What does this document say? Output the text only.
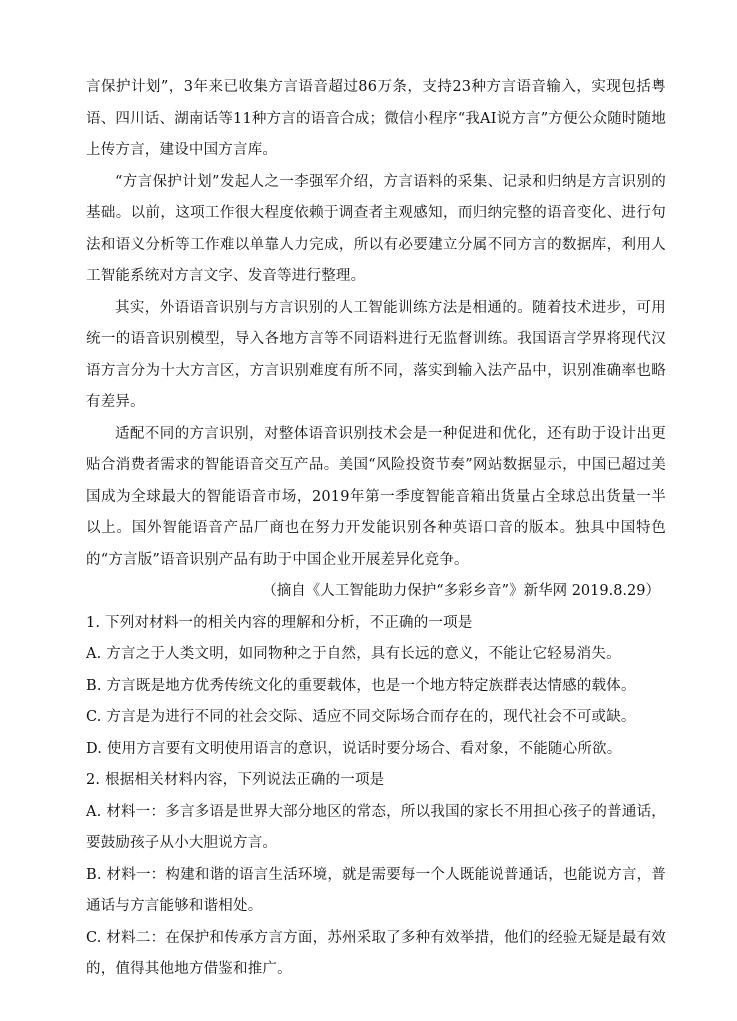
言保护计划”，3年来已收集方言语音超过86万条，支持23种方言语音输入，实现包括粤语、四川话、湖南话等11种方言的语音合成；微信小程序“我AI说方言”方便公众随时随地上传方言，建设中国方言库。

“方言保护计划”发起人之一李强军介绍，方言语料的采集、记录和归纳是方言识别的基础。以前，这项工作很大程度依赖于调查者主观感知，而归纳完整的语音变化、进行句法和语义分析等工作难以单靠人力完成，所以有必要建立分属不同方言的数据库，利用人工智能系统对方言文字、发音等进行整理。

其实，外语语音识别与方言识别的人工智能训练方法是相通的。随着技术进步，可用统一的语音识别模型，导入各地方言等不同语料进行无监督训练。我国语言学界将现代汉语方言分为十大方言区，方言识别难度有所不同，落实到输入法产品中，识别准确率也略有差异。

适配不同的方言识别，对整体语音识别技术会是一种促进和优化，还有助于设计出更贴合消费者需求的智能语音交互产品。美国“风险投资节奏”网站数据显示，中国已超过美国成为全球最大的智能语音市场，2019年第一季度智能音箱出货量占全球总出货量一半以上。国外智能语音产品厂商也在努力开发能识别各种英语口音的版本。独具中国特色的“方言版”语音识别产品有助于中国企业开展差异化竞争。

（摘自《人工智能助力保护“多彩乡音”》新华网 2019.8.29）

1. 下列对材料一的相关内容的理解和分析，不正确的一项是

A. 方言之于人类文明，如同物种之于自然，具有长远的意义，不能让它轻易消失。

B. 方言既是地方优秀传统文化的重要载体，也是一个地方特定族群表达情感的载体。

C. 方言是为进行不同的社会交际、适应不同交际场合而存在的，现代社会不可或缺。

D. 使用方言要有文明使用语言的意识，说话时要分场合、看对象，不能随心所欲。

2. 根据相关材料内容，下列说法正确的一项是

A. 材料一：多言多语是世界大部分地区的常态，所以我国的家长不用担心孩子的普通话，要鼓励孩子从小大胆说方言。

B. 材料一：构建和谐的语言生活环境，就是需要每一个人既能说普通话，也能说方言，普通话与方言能够和谐相处。

C. 材料二：在保护和传承方言方面，苏州采取了多种有效举措，他们的经验无疑是最有效的，值得其他地方借鉴和推广。
